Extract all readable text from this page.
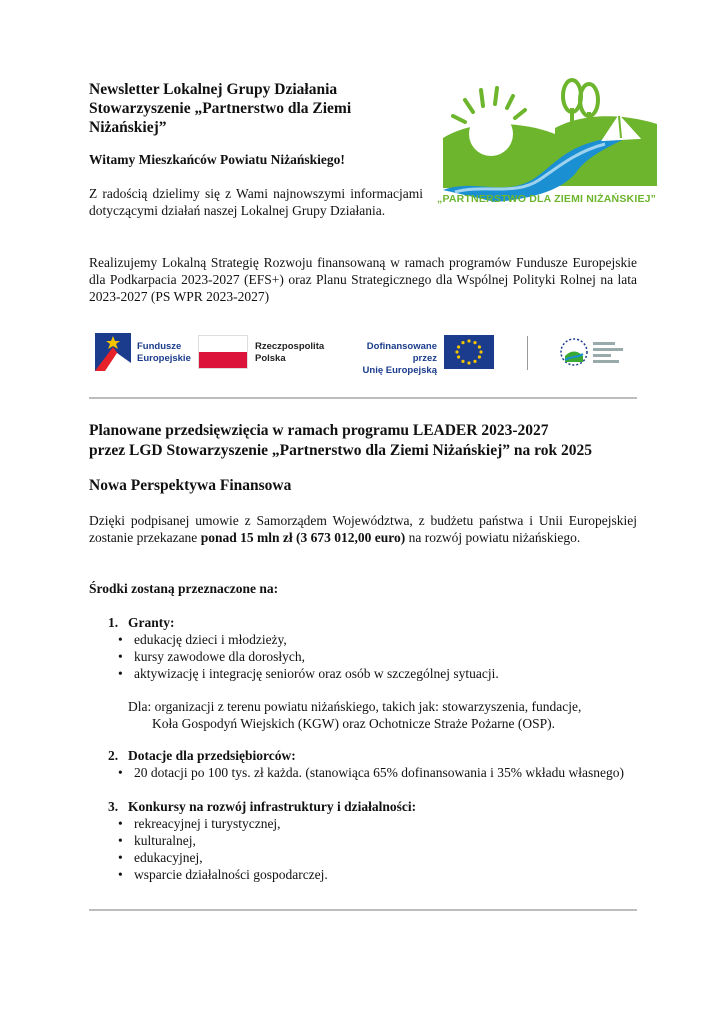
Newsletter Lokalnej Grupy Działania
Stowarzyszenie „Partnerstwo dla Ziemi
Niżańskiej”
Witamy Mieszkańców Powiatu Niżańskiego!
Z radością dzielimy się z Wami najnowszymi informacjami dotyczącymi działań naszej Lokalnej Grupy Działania.
„PARTNERSTWO DLA ZIEMI NIŻAŃSKIEJ”
Realizujemy Lokalną Strategię Rozwoju finansowaną w ramach programów Fundusze Europejskie dla Podkarpacia 2023-2027 (EFS+) oraz Planu Strategicznego dla Wspólnej Polityki Rolnej na lata 2023-2027 (PS WPR 2023-2027)
Fundusze
Europejskie
Rzeczpospolita
Polska
Dofinansowane przez
Unię Europejską
Planowane przedsięwzięcia w ramach programu LEADER 2023-2027
przez LGD Stowarzyszenie „Partnerstwo dla Ziemi Niżańskiej” na rok 2025
Nowa Perspektywa Finansowa
Dzięki podpisanej umowie z Samorządem Województwa, z budżetu państwa i Unii Europejskiej zostanie przekazane ponad 15 mln zł (3 673 012,00 euro) na rozwój powiatu niżańskiego.
Środki zostaną przeznaczone na:
1. Granty:
• edukację dzieci i młodzieży,
• kursy zawodowe dla dorosłych,
• aktywizację i integrację seniorów oraz osób w szczególnej sytuacji.
Dla: organizacji z terenu powiatu niżańskiego, takich jak: stowarzyszenia, fundacje,
Koła Gospodyń Wiejskich (KGW) oraz Ochotnicze Straże Pożarne (OSP).
2. Dotacje dla przedsiębiorców:
• 20 dotacji po 100 tys. zł każda. (stanowiąca 65% dofinansowania i 35% wkładu własnego)
3. Konkursy na rozwój infrastruktury i działalności:
• rekreacyjnej i turystycznej,
• kulturalnej,
• edukacyjnej,
• wsparcie działalności gospodarczej.
